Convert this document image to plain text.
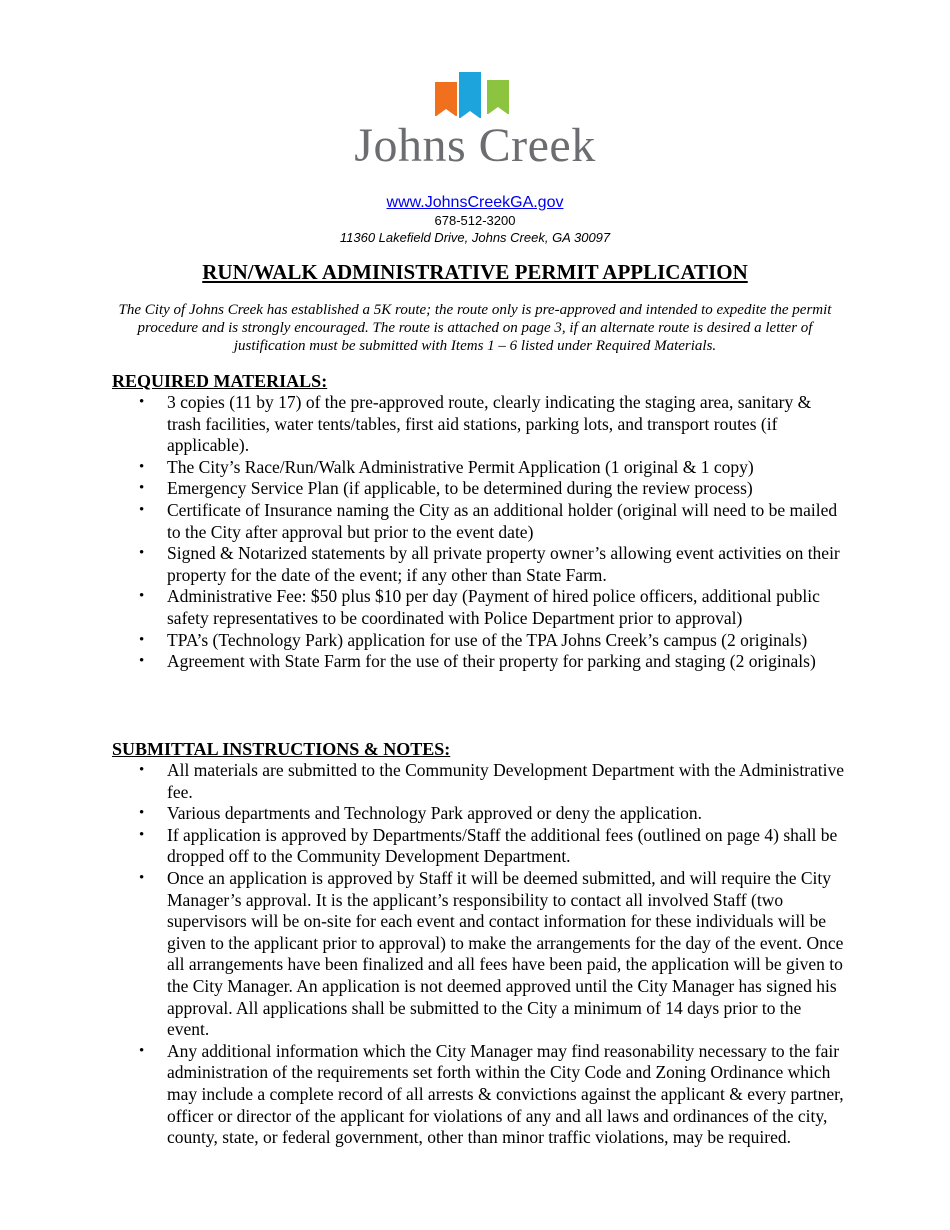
Johns Creek
www.JohnsCreekGA.gov
678-512-3200
11360 Lakefield Drive, Johns Creek, GA 30097
RUN/WALK ADMINISTRATIVE PERMIT APPLICATION
The City of Johns Creek has established a 5K route; the route only is pre-approved and intended to expedite the permit procedure and is strongly encouraged. The route is attached on page 3, if an alternate route is desired a letter of justification must be submitted with Items 1 – 6 listed under Required Materials.
REQUIRED MATERIALS:
• 3 copies (11 by 17) of the pre-approved route, clearly indicating the staging area, sanitary & trash facilities, water tents/tables, first aid stations, parking lots, and transport routes (if applicable).
• The City’s Race/Run/Walk Administrative Permit Application (1 original & 1 copy)
• Emergency Service Plan (if applicable, to be determined during the review process)
• Certificate of Insurance naming the City as an additional holder (original will need to be mailed to the City after approval but prior to the event date)
• Signed & Notarized statements by all private property owner’s allowing event activities on their property for the date of the event; if any other than State Farm.
• Administrative Fee: $50 plus $10 per day (Payment of hired police officers, additional public safety representatives to be coordinated with Police Department prior to approval)
• TPA’s (Technology Park) application for use of the TPA Johns Creek’s campus (2 originals)
• Agreement with State Farm for the use of their property for parking and staging (2 originals)
SUBMITTAL INSTRUCTIONS & NOTES:
• All materials are submitted to the Community Development Department with the Administrative fee.
• Various departments and Technology Park approved or deny the application.
• If application is approved by Departments/Staff the additional fees (outlined on page 4) shall be dropped off to the Community Development Department.
• Once an application is approved by Staff it will be deemed submitted, and will require the City Manager’s approval. It is the applicant’s responsibility to contact all involved Staff (two supervisors will be on-site for each event and contact information for these individuals will be given to the applicant prior to approval) to make the arrangements for the day of the event. Once all arrangements have been finalized and all fees have been paid, the application will be given to the City Manager. An application is not deemed approved until the City Manager has signed his approval. All applications shall be submitted to the City a minimum of 14 days prior to the event.
• Any additional information which the City Manager may find reasonability necessary to the fair administration of the requirements set forth within the City Code and Zoning Ordinance which may include a complete record of all arrests & convictions against the applicant & every partner, officer or director of the applicant for violations of any and all laws and ordinances of the city, county, state, or federal government, other than minor traffic violations, may be required.
